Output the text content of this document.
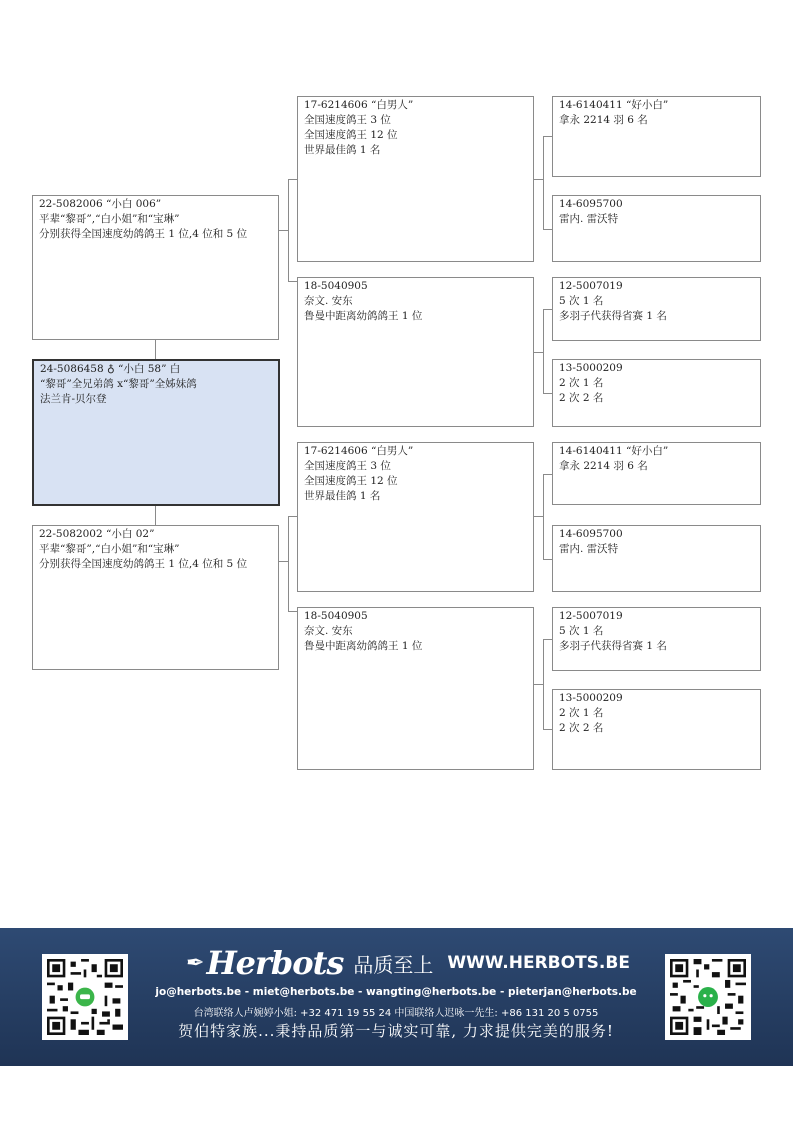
24-5086458 ♁ “小白 58” 白
“黎哥”全兄弟鸽 x“黎哥”全姊妹鸽
法兰肯-贝尔登
22-5082006 “小白 006”
平辈“黎哥”,“白小姐”和“宝琳”
分别获得全国速度幼鸽鸽王 1 位,4 位和 5 位
22-5082002 “小白 02”
平辈“黎哥”,“白小姐”和“宝琳”
分别获得全国速度幼鸽鸽王 1 位,4 位和 5 位
17-6214606 “白男人”
全国速度鸽王 3 位
全国速度鸽王 12 位
世界最佳鸽 1 名
18-5040905
奈文. 安东
鲁曼中距离幼鸽鸽王 1 位
17-6214606 “白男人”
全国速度鸽王 3 位
全国速度鸽王 12 位
世界最佳鸽 1 名
18-5040905
奈文. 安东
鲁曼中距离幼鸽鸽王 1 位
14-6140411 “好小白”
拿永 2214 羽 6 名
14-6095700
雷内. 雷沃特
12-5007019
5 次 1 名
多羽子代获得省赛 1 名
13-5000209
2 次 1 名
2 次 2 名
14-6140411 “好小白”
拿永 2214 羽 6 名
14-6095700
雷内. 雷沃特
12-5007019
5 次 1 名
多羽子代获得省赛 1 名
13-5000209
2 次 1 名
2 次 2 名
✒ Herbots 品质至上 WWW.HERBOTS.BE
jo@herbots.be - miet@herbots.be - wangting@herbots.be - pieterjan@herbots.be
台湾联络人卢婉婷小姐: +32 471 19 55 24 中国联络人迟咏一先生: +86 131 20 5 0755
贺伯特家族...秉持品质第一与诚实可靠, 力求提供完美的服务!
